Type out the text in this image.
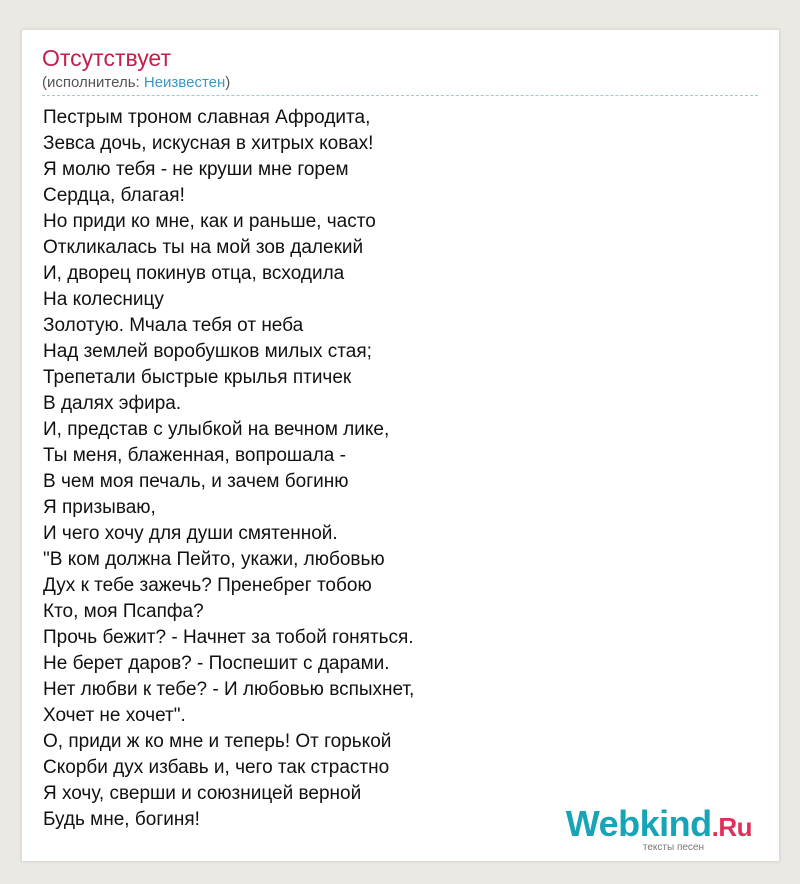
Отсутствует
(исполнитель: Неизвестен)
Пестрым троном славная Афродита,
Зевса дочь, искусная в хитрых ковах!
Я молю тебя - не круши мне горем
Сердца, благая!
Но приди ко мне, как и раньше, часто
Откликалась ты на мой зов далекий
И, дворец покинув отца, всходила
На колесницу
Золотую. Мчала тебя от неба
Над землей воробушков милых стая;
Трепетали быстрые крылья птичек
В далях эфира.
И, представ с улыбкой на вечном лике,
Ты меня, блаженная, вопрошала -
В чем моя печаль, и зачем богиню
Я призываю,
И чего хочу для души смятенной.
"В ком должна Пейто, укажи, любовью
Дух к тебе зажечь? Пренебрег тобою
Кто, моя Псапфа?
Прочь бежит? - Начнет за тобой гоняться.
Не берет даров? - Поспешит с дарами.
Нет любви к тебе? - И любовью вспыхнет,
Хочет не хочет".
О, приди ж ко мне и теперь! От горькой
Скорби дух избавь и, чего так страстно
Я хочу, сверши и союзницей верной
Будь мне, богиня!	Webkind.Ru
тексты песен
